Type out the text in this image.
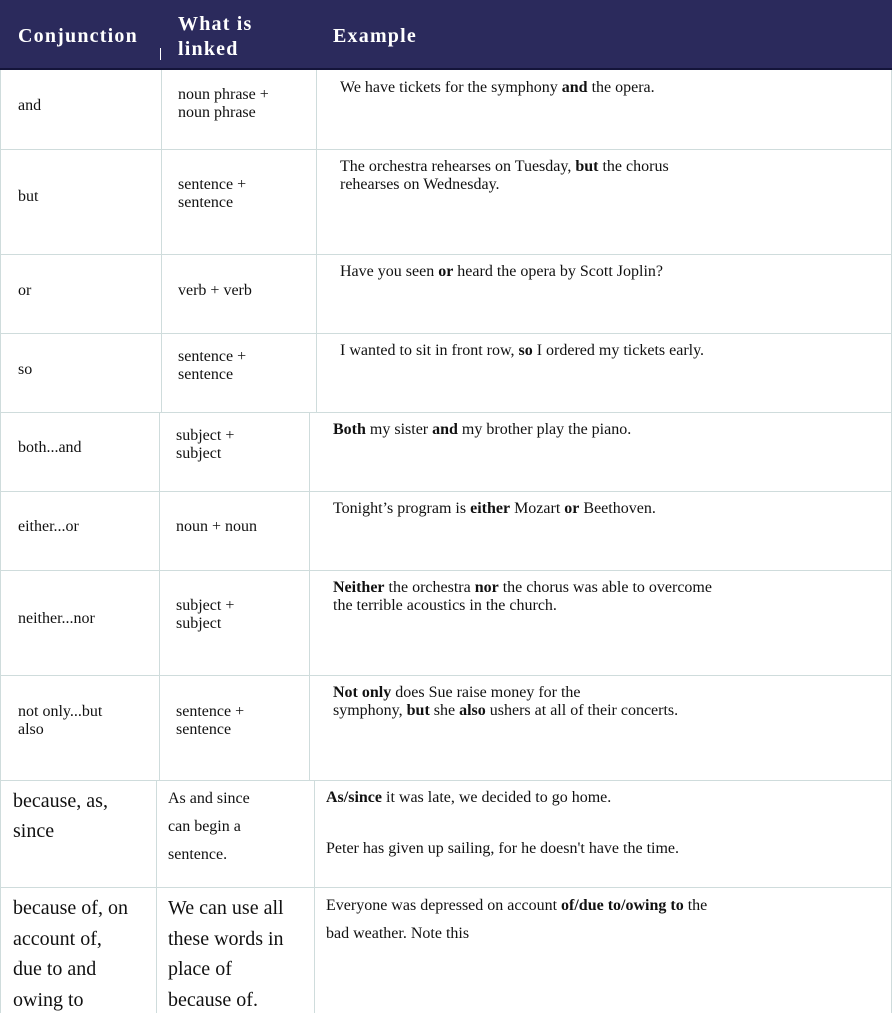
Conjunction
What is
linked
Example
and
noun phrase +
noun phrase
We have tickets for the symphony and the opera.
but
sentence +
sentence
The orchestra rehearses on Tuesday, but the chorus
rehearses on Wednesday.
or	verb + verb
Have you seen or heard the opera by Scott Joplin?
so
sentence +
sentence
I wanted to sit in front row, so I ordered my tickets early.
both...and
subject +
subject
Both my sister and my brother play the piano.
either...or	noun + noun
Tonight’s program is either Mozart or Beethoven.
neither...nor
subject +
subject
Neither the orchestra nor the chorus was able to overcome
the terrible acoustics in the church.
not only...but
also
sentence +
sentence
Not only does Sue raise money for the
symphony, but she also ushers at all of their concerts.
because, as,
since
As and since
can begin a
sentence.
As/since it was late, we decided to go home.
Peter has given up sailing, for he doesn't have the time.
because of, on
account of,
due to and
owing to
We can use all
these words in
place of
because of.
Everyone was depressed on account of/due to/owing to the
bad weather. Note this
